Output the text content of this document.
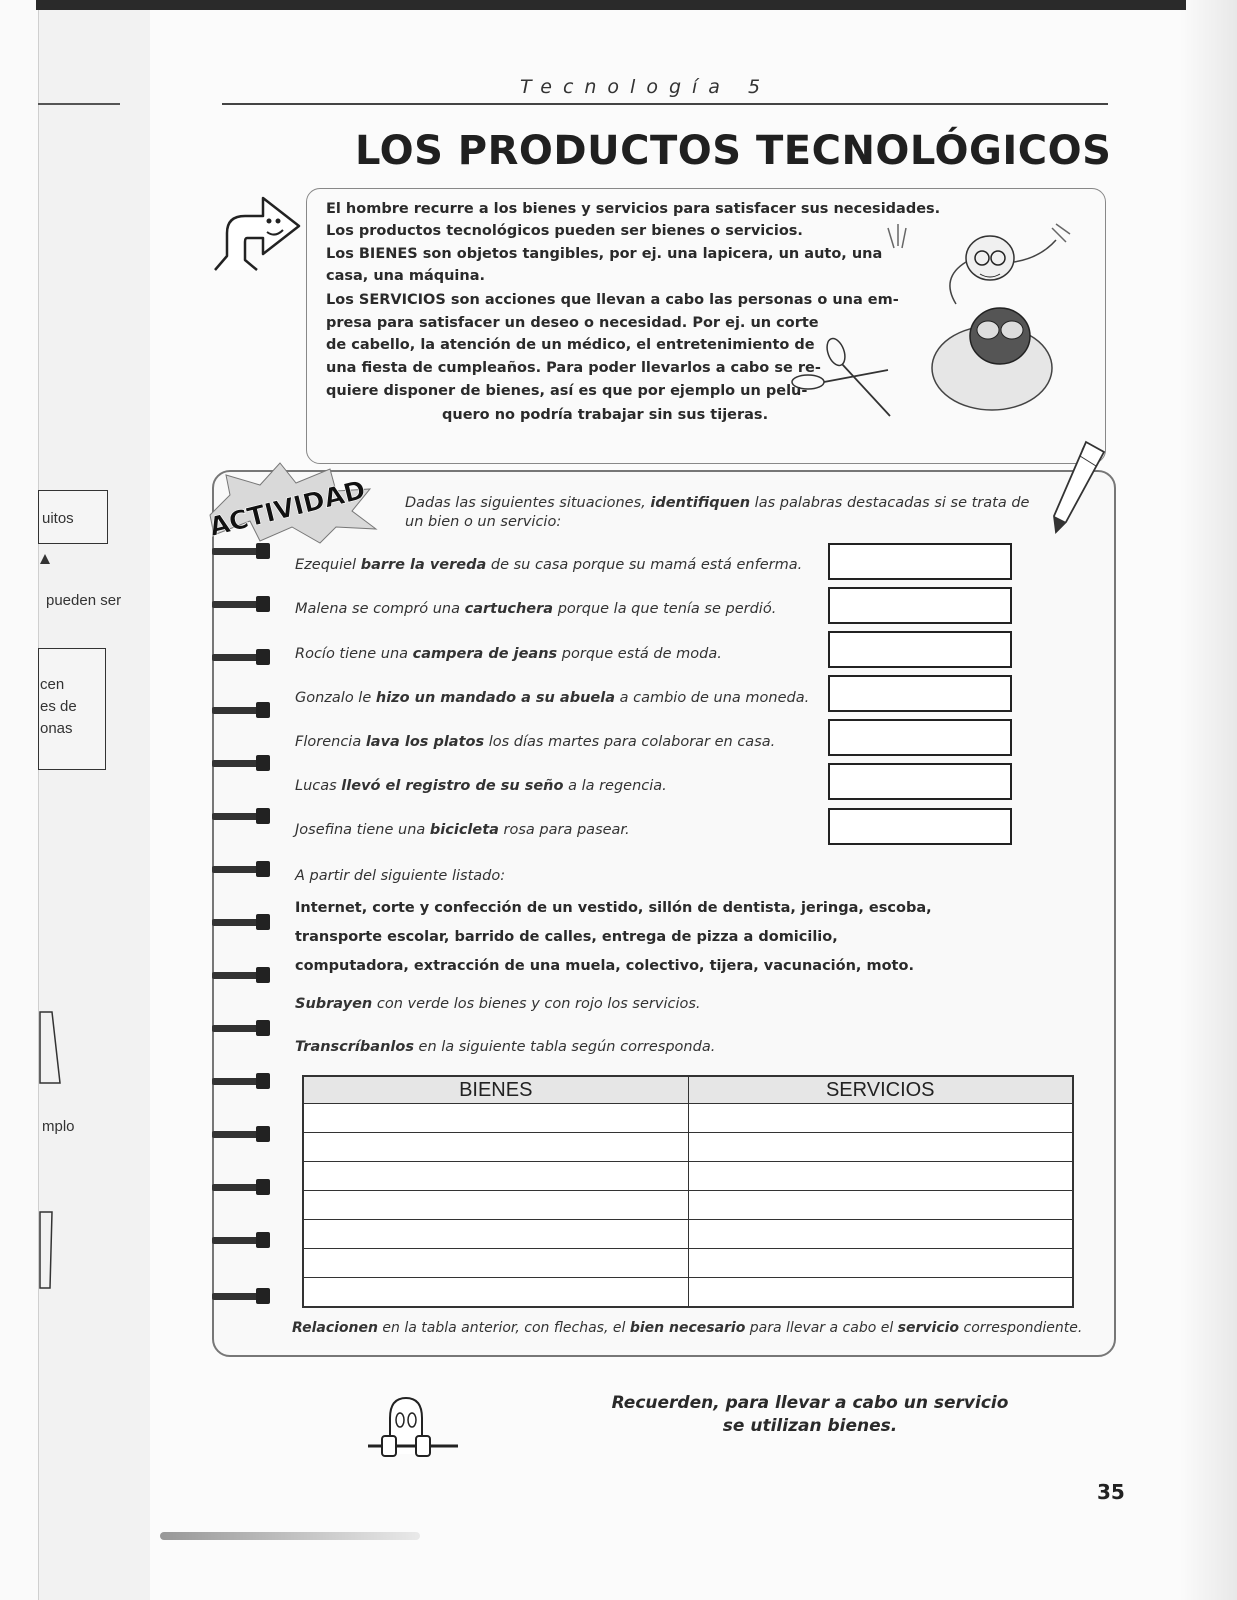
uitos
pueden ser
cen
es de
onas
mplo
Tecnología 5
LOS PRODUCTOS TECNOLÓGICOS
El hombre recurre a los bienes y servicios para satisfacer sus necesidades.
Los productos tecnológicos pueden ser bienes o servicios.
Los BIENES son objetos tangibles, por ej. una lapicera, un auto, una
casa, una máquina.
Los SERVICIOS son acciones que llevan a cabo las personas o una em-
presa para satisfacer un deseo o necesidad. Por ej. un corte
de cabello, la atención de un médico, el entretenimiento de
una fiesta de cumpleaños. Para poder llevarlos a cabo se re-
quiere disponer de bienes, así es que por ejemplo un pelu-
quero no podría trabajar sin sus tijeras.
ACTIVIDAD	Dadas las siguientes situaciones, identifiquen las palabras destacadas si se trata de un bien o un servicio:
Ezequiel barre la vereda de su casa porque su mamá está enferma.
Malena se compró una cartuchera porque la que tenía se perdió.
Rocío tiene una campera de jeans porque está de moda.
Gonzalo le hizo un mandado a su abuela a cambio de una moneda.
Florencia lava los platos los días martes para colaborar en casa.
Lucas llevó el registro de su seño a la regencia.
Josefina tiene una bicicleta rosa para pasear.
A partir del siguiente listado:
Internet, corte y confección de un vestido, sillón de dentista, jeringa, escoba, transporte escolar, barrido de calles, entrega de pizza a domicilio, computadora, extracción de una muela, colectivo, tijera, vacunación, moto.
Subrayen con verde los bienes y con rojo los servicios.
Transcríbanlos en la siguiente tabla según corresponda.
BIENES	SERVICIOS

Relacionen en la tabla anterior, con flechas, el bien necesario para llevar a cabo el servicio correspondiente.
Recuerden, para llevar a cabo un servicio
se utilizan bienes.
35
